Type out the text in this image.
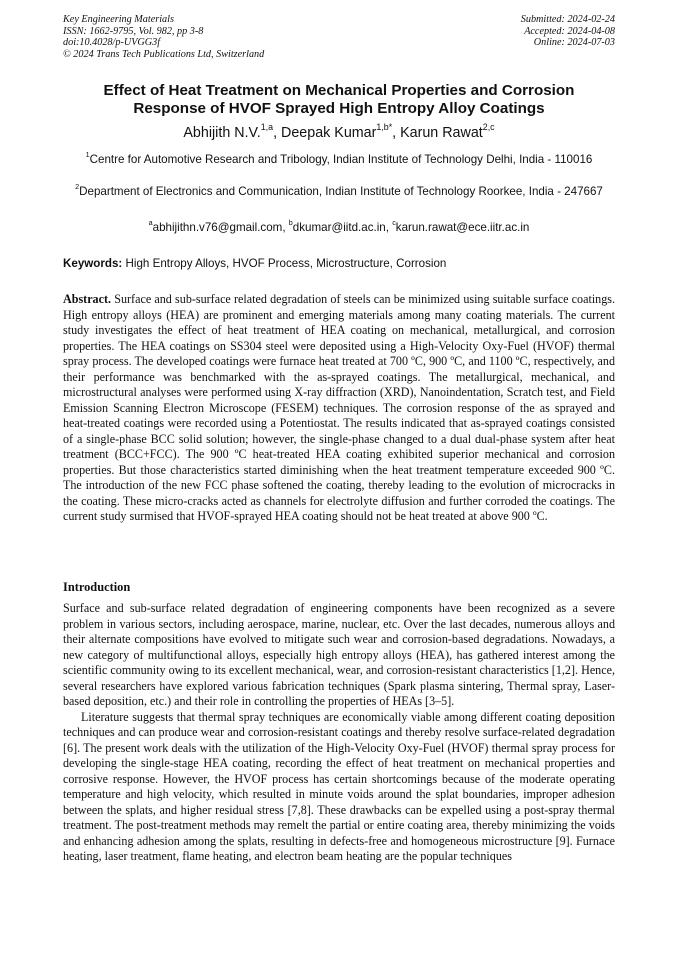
Key Engineering Materials
ISSN: 1662-9795, Vol. 982, pp 3-8
doi:10.4028/p-UVGG3f
© 2024 Trans Tech Publications Ltd, Switzerland
Submitted: 2024-02-24
Accepted: 2024-04-08
Online: 2024-07-03
Effect of Heat Treatment on Mechanical Properties and Corrosion
Response of HVOF Sprayed High Entropy Alloy Coatings
Abhijith N.V.$^{1,a}$, Deepak Kumar$^{1,b*}$, Karun Rawat$^{2,c}$
$^1$Centre for Automotive Research and Tribology, Indian Institute of Technology Delhi, India - 110016
$^2$Department of Electronics and Communication, Indian Institute of Technology Roorkee, India - 247667
$^a$abhijithn.v76@gmail.com, $^b$dkumar@iitd.ac.in, $^c$karun.rawat@ece.iitr.ac.in
Keywords: High Entropy Alloys, HVOF Process, Microstructure, Corrosion
Abstract. Surface and sub-surface related degradation of steels can be minimized using suitable surface coatings. High entropy alloys (HEA) are prominent and emerging materials among many coating materials. The current study investigates the effect of heat treatment of HEA coating on mechanical, metallurgical, and corrosion properties. The HEA coatings on SS304 steel were deposited using a High-Velocity Oxy-Fuel (HVOF) thermal spray process. The developed coatings were furnace heat treated at 700 ºC, 900 ºC, and 1100 ºC, respectively, and their performance was benchmarked with the as-sprayed coatings. The metallurgical, mechanical, and microstructural analyses were performed using X-ray diffraction (XRD), Nanoindentation, Scratch test, and Field Emission Scanning Electron Microscope (FESEM) techniques. The corrosion response of the as sprayed and heat-treated coatings were recorded using a Potentiostat. The results indicated that as-sprayed coatings consisted of a single-phase BCC solid solution; however, the single-phase changed to a dual dual-phase system after heat treatment (BCC+FCC). The 900 ºC heat-treated HEA coating exhibited superior mechanical and corrosion properties. But those characteristics started diminishing when the heat treatment temperature exceeded 900 ºC. The introduction of the new FCC phase softened the coating, thereby leading to the evolution of microcracks in the coating. These micro-cracks acted as channels for electrolyte diffusion and further corroded the coatings. The current study surmised that HVOF-sprayed HEA coating should not be heat treated at above 900 ºC.
Introduction

Surface and sub-surface related degradation of engineering components have been recognized as a severe problem in various sectors, including aerospace, marine, nuclear, etc. Over the last decades, numerous alloys and their alternate compositions have evolved to mitigate such wear and corrosion-based degradations. Nowadays, a new category of multifunctional alloys, especially high entropy alloys (HEA), has gathered interest among the scientific community owing to its excellent mechanical, wear, and corrosion-resistant characteristics [1,2]. Hence, several researchers have explored various fabrication techniques (Spark plasma sintering, Thermal spray, Laser-based deposition, etc.) and their role in controlling the properties of HEAs [3–5].

Literature suggests that thermal spray techniques are economically viable among different coating deposition techniques and can produce wear and corrosion-resistant coatings and thereby resolve surface-related degradation [6]. The present work deals with the utilization of the High-Velocity Oxy-Fuel (HVOF) thermal spray process for developing the single-stage HEA coating, recording the effect of heat treatment on mechanical properties and corrosive response. However, the HVOF process has certain shortcomings because of the moderate operating temperature and high velocity, which resulted in minute voids around the splat boundaries, improper adhesion between the splats, and higher residual stress [7,8]. These drawbacks can be expelled using a post-spray thermal treatment. The post-treatment methods may remelt the partial or entire coating area, thereby minimizing the voids and enhancing adhesion among the splats, resulting in defects-free and homogeneous microstructure [9]. Furnace heating, laser treatment, flame heating, and electron beam heating are the popular techniques
